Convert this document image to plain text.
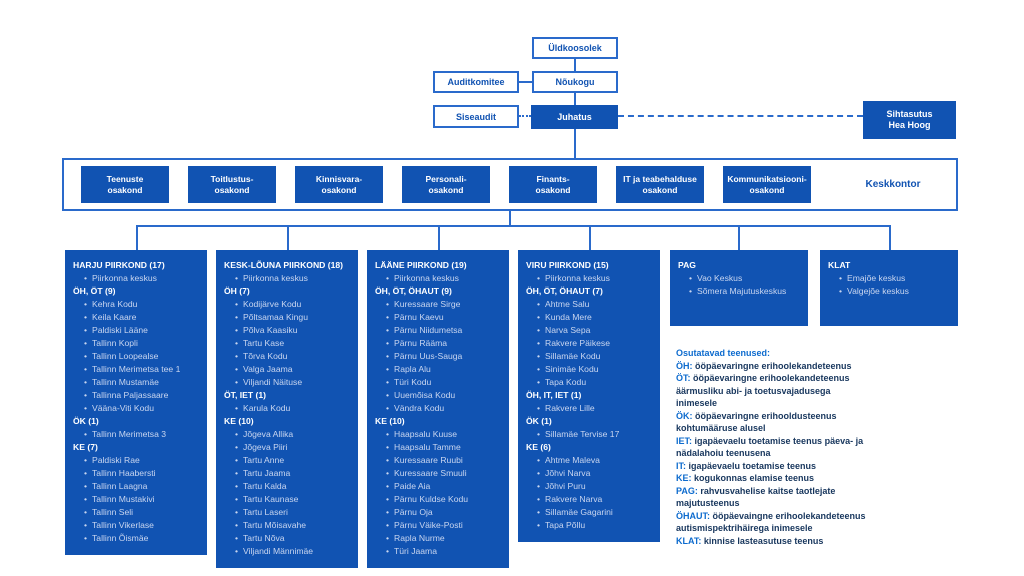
Üldkoosolek
Auditkomitee	Nõukogu
Siseaudit	Juhatus	Sihtasutus
Hea Hoog
Teenuste
osakond
Toitlustus-
osakond
Kinnisvara-
osakond
Personali-
osakond
Finants-
osakond
IT ja teabehalduse
osakond
Kommunikatsiooni-
osakond	Keskkontor
HARJU PIIRKOND (17)
• Piirkonna keskus
ÖH, ÖT (9)
• Kehra Kodu
• Keila Kaare
• Paldiski Lääne
• Tallinn Kopli
• Tallinn Loopealse
• Tallinn Merimetsa tee 1
• Tallinn Mustamäe
• Tallinna Paljassaare
• Vääna-Viti Kodu
ÖK (1)
• Tallinn Merimetsa 3
KE (7)
• Paldiski Rae
• Tallinn Haabersti
• Tallinn Laagna
• Tallinn Mustakivi
• Tallinn Seli
• Tallinn Vikerlase
• Tallinn Õismäe
KESK-LÕUNA PIIRKOND (18)
• Piirkonna keskus
ÖH (7)
• Kodijärve Kodu
• Põltsamaa Kingu
• Põlva Kaasiku
• Tartu Kase
• Tõrva Kodu
• Valga Jaama
• Viljandi Näituse
ÖT, IET (1)
• Karula Kodu
KE (10)
• Jõgeva Allika
• Jõgeva Piiri
• Tartu Anne
• Tartu Jaama
• Tartu Kalda
• Tartu Kaunase
• Tartu Laseri
• Tartu Mõisavahe
• Tartu Nõva
• Viljandi Männimäe
LÄÄNE PIIRKOND (19)
• Piirkonna keskus
ÖH, ÖT, ÖHAUT (9)
• Kuressaare Sirge
• Pärnu Kaevu
• Pärnu Niidumetsa
• Pärnu Rääma
• Pärnu Uus-Sauga
• Rapla Alu
• Türi Kodu
• Uuemõisa Kodu
• Vändra Kodu
KE (10)
• Haapsalu Kuuse
• Haapsalu Tamme
• Kuressaare Ruubi
• Kuressaare Smuuli
• Paide Aia
• Pärnu Kuldse Kodu
• Pärnu Oja
• Pärnu Väike-Posti
• Rapla Nurme
• Türi Jaama
VIRU PIIRKOND (15)
• Piirkonna keskus
ÖH, ÖT, ÖHAUT (7)
• Ahtme Salu
• Kunda Mere
• Narva Sepa
• Rakvere Päikese
• Sillamäe Kodu
• Sinimäe Kodu
• Tapa Kodu
ÖH, IT, IET (1)
• Rakvere Lille
ÖK (1)
• Sillamäe Tervise 17
KE (6)
• Ahtme Maleva
• Jõhvi Narva
• Jõhvi Puru
• Rakvere Narva
• Sillamäe Gagarini
• Tapa Põllu
PAG
• Vao Keskus
• Sõmera Majutuskeskus
KLAT
• Emajõe keskus
• Valgejõe keskus
Osutatavad teenused:
ÖH: ööpäevaringne erihoolekandeteenus
ÖT: ööpäevaringne erihoolekandeteenus
äärmusliku abi- ja toetusvajadusega
inimesele
ÖK: ööpäevaringne erihooldusteenus
kohtumääruse alusel
IET: igapäevaelu toetamise teenus päeva- ja
nädalahoiu teenusena
IT: igapäevaelu toetamise teenus
KE: kogukonnas elamise teenus
PAG: rahvusvahelise kaitse taotlejate
majutusteenus
ÖHAUT: ööpäevaingne erihoolekandeteenus
autismispektrihäirega inimesele
KLAT: kinnise lasteasutuse teenus
